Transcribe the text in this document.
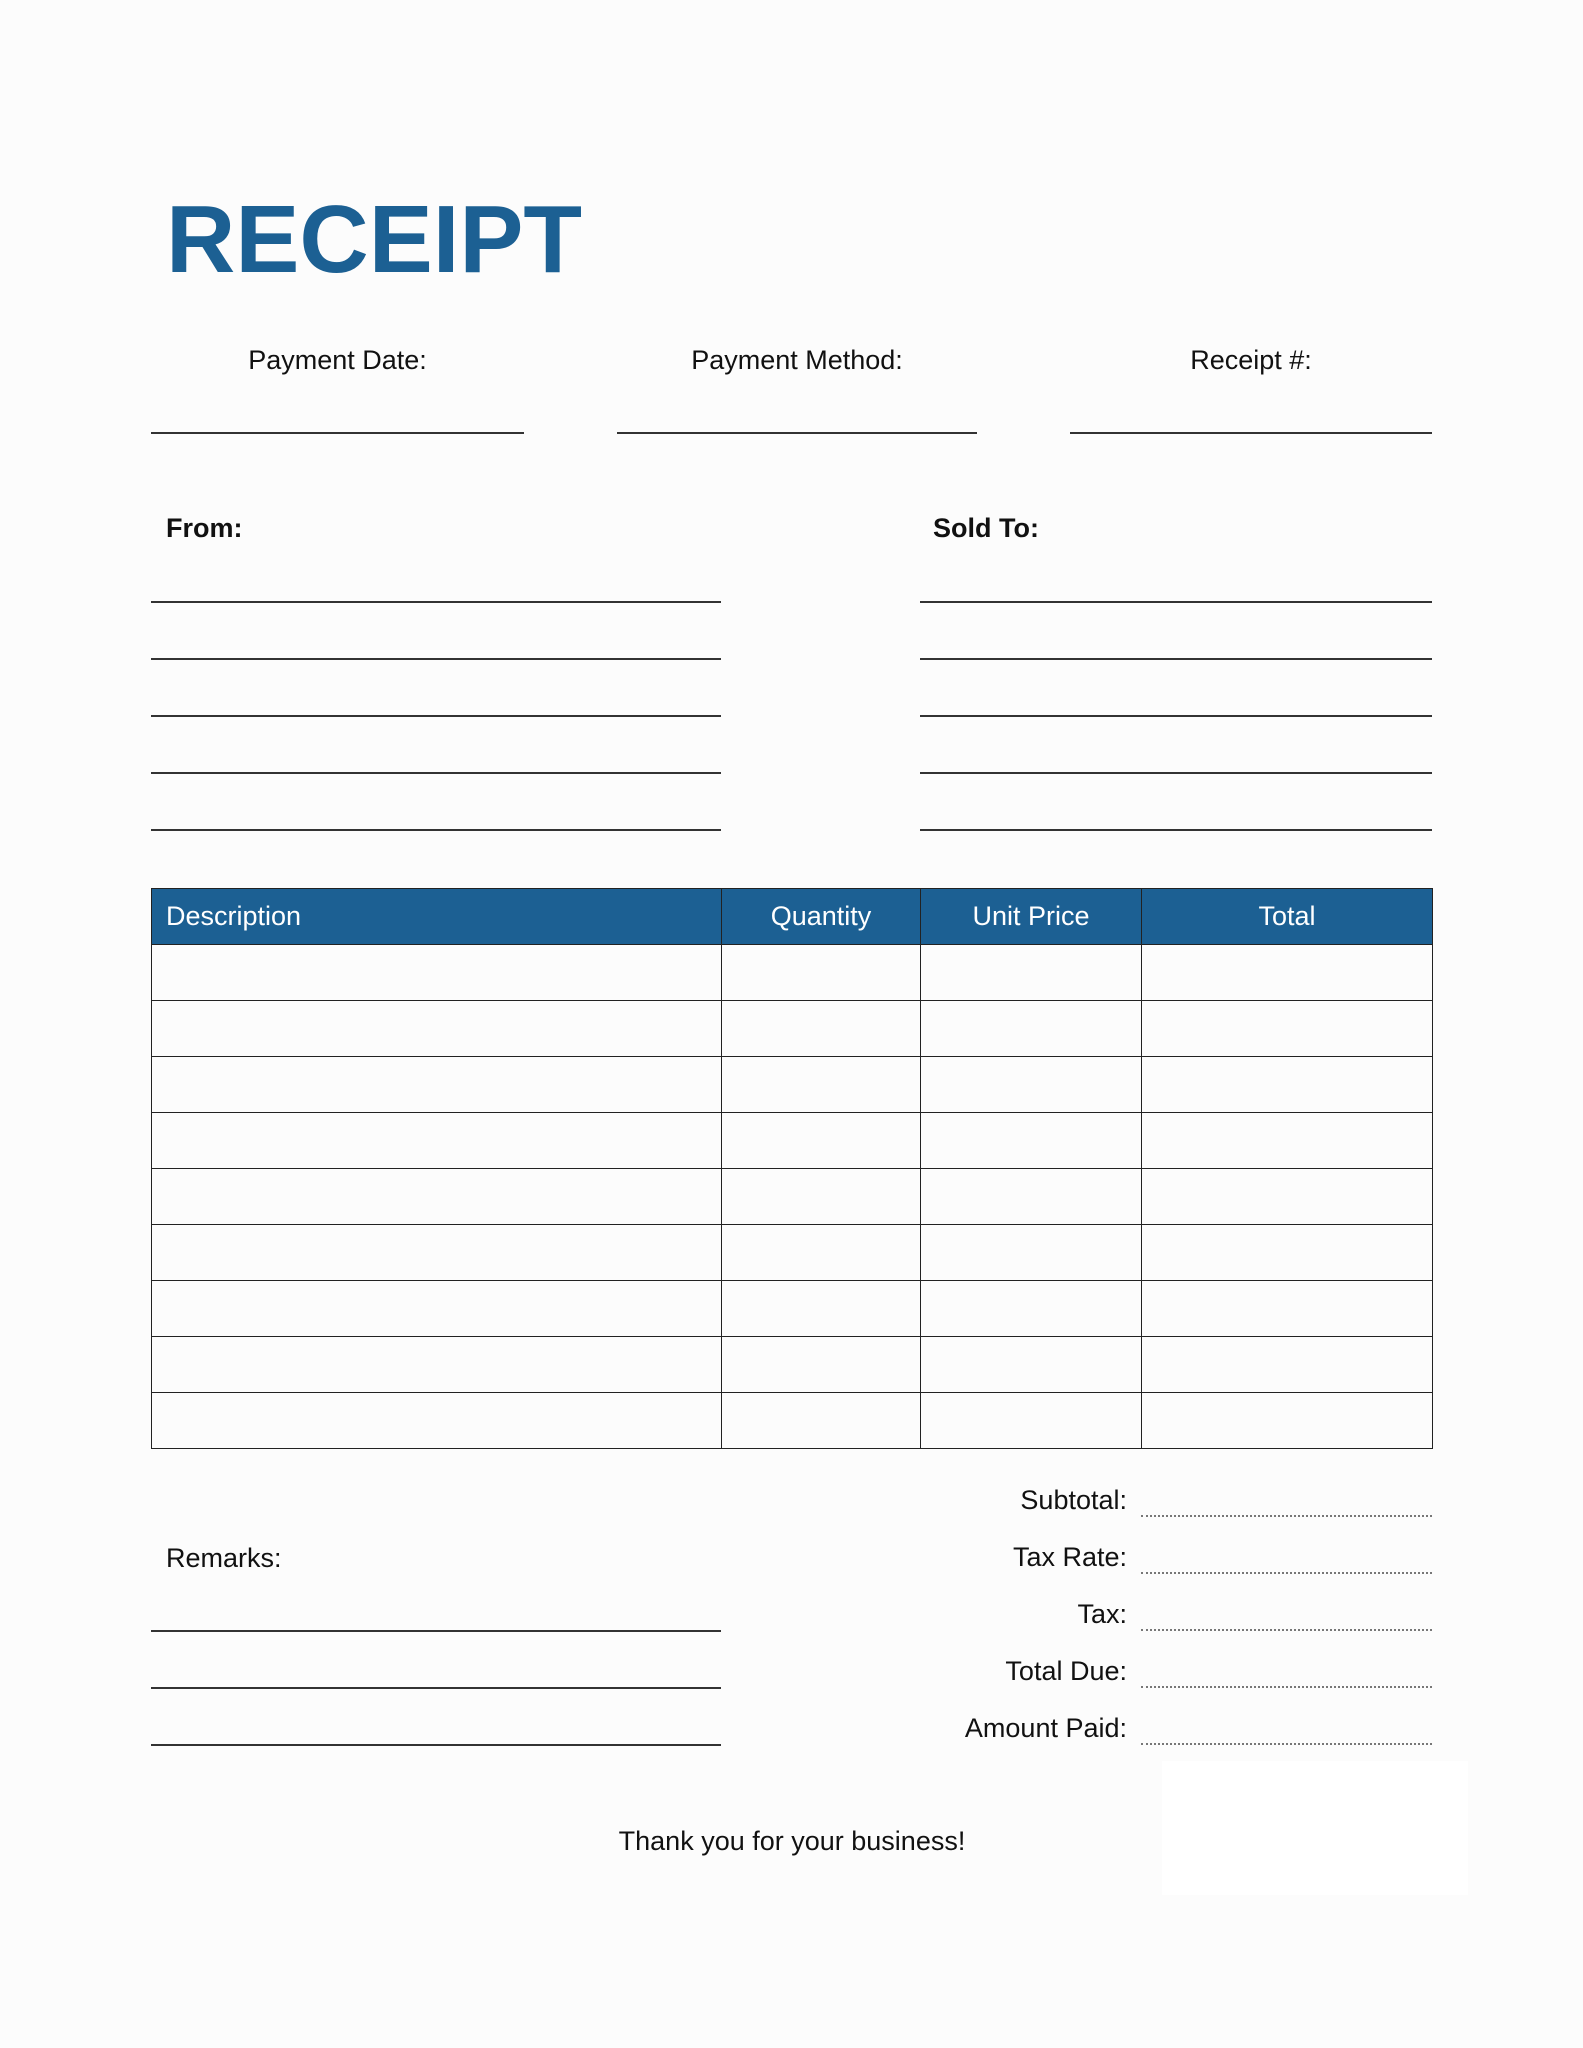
RECEIPT
Payment Date:	Payment Method:	Receipt #:
From:	Sold To:
Description	Quantity	Unit Price	Total

Remarks:
Subtotal:
Tax Rate:
Tax:
Total Due:
Amount Paid:
Thank you for your business!
